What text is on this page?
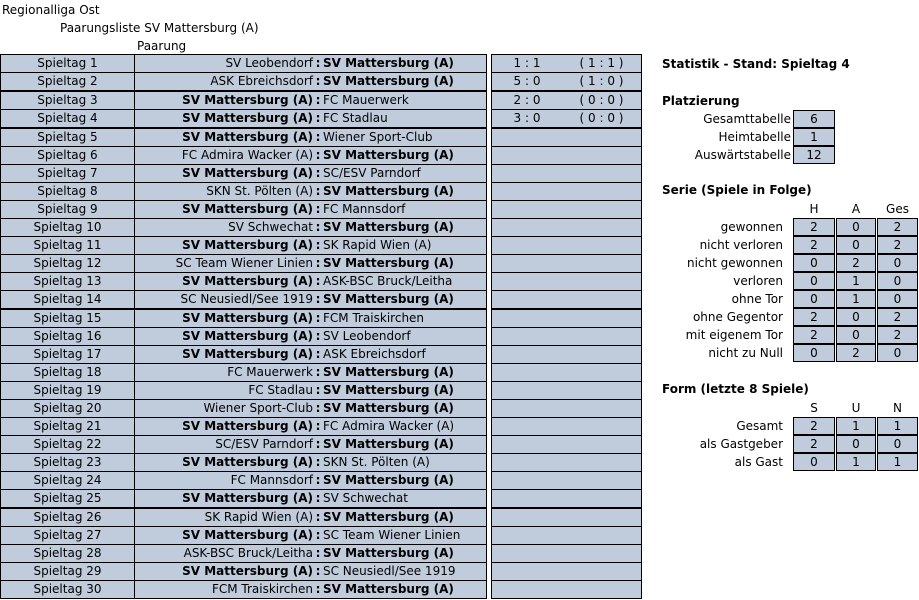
Regionalliga Ost
Paarungsliste SV Mattersburg (A)
Paarung
Spieltag 1	SV Leobendorf : SV Mattersburg (A)		1 : 1 ( 1 : 1 )

Spieltag 2	ASK Ebreichsdorf : SV Mattersburg (A)		5 : 0 ( 1 : 0 )

Spieltag 3	SV Mattersburg (A) : FC Mauerwerk		2 : 0 ( 0 : 0 )

Spieltag 4	SV Mattersburg (A) : FC Stadlau		3 : 0 ( 0 : 0 )

Spieltag 5	SV Mattersburg (A) : Wiener Sport-Club		

Spieltag 6	FC Admira Wacker (A) : SV Mattersburg (A)		

Spieltag 7	SV Mattersburg (A) : SC/ESV Parndorf		

Spieltag 8	SKN St. Pölten (A) : SV Mattersburg (A)		

Spieltag 9	SV Mattersburg (A) : FC Mannsdorf		

Spieltag 10	SV Schwechat : SV Mattersburg (A)		

Spieltag 11	SV Mattersburg (A) : SK Rapid Wien (A)		

Spieltag 12	SC Team Wiener Linien : SV Mattersburg (A)		

Spieltag 13	SV Mattersburg (A) : ASK-BSC Bruck/Leitha		

Spieltag 14	SC Neusiedl/See 1919 : SV Mattersburg (A)		

Spieltag 15	SV Mattersburg (A) : FCM Traiskirchen		

Spieltag 16	SV Mattersburg (A) : SV Leobendorf		

Spieltag 17	SV Mattersburg (A) : ASK Ebreichsdorf		

Spieltag 18	FC Mauerwerk : SV Mattersburg (A)		

Spieltag 19	FC Stadlau : SV Mattersburg (A)		

Spieltag 20	Wiener Sport-Club : SV Mattersburg (A)		

Spieltag 21	SV Mattersburg (A) : FC Admira Wacker (A)		

Spieltag 22	SC/ESV Parndorf : SV Mattersburg (A)		

Spieltag 23	SV Mattersburg (A) : SKN St. Pölten (A)		

Spieltag 24	FC Mannsdorf : SV Mattersburg (A)		

Spieltag 25	SV Mattersburg (A) : SV Schwechat		

Spieltag 26	SK Rapid Wien (A) : SV Mattersburg (A)		

Spieltag 27	SV Mattersburg (A) : SC Team Wiener Linien		

Spieltag 28	ASK-BSC Bruck/Leitha : SV Mattersburg (A)		

Spieltag 29	SV Mattersburg (A) : SC Neusiedl/See 1919		

Spieltag 30	FCM Traiskirchen : SV Mattersburg (A)		

Statistik - Stand: Spieltag 4
Platzierung
Serie (Spiele in Folge)
Form (letzte 8 Spiele)
Gesamttabelle	6
Heimtabelle	1
Auswärtstabelle	12
H	A	Ges
gewonnen	2	0	2
nicht verloren	2	0	2
nicht gewonnen	0	2	0
verloren	0	1	0
ohne Tor	0	1	0
ohne Gegentor	2	0	2
mit eigenem Tor	2	0	2
nicht zu Null	0	2	0
S	U	N
Gesamt	2	1	1
als Gastgeber	2	0	0
als Gast	0	1	1
